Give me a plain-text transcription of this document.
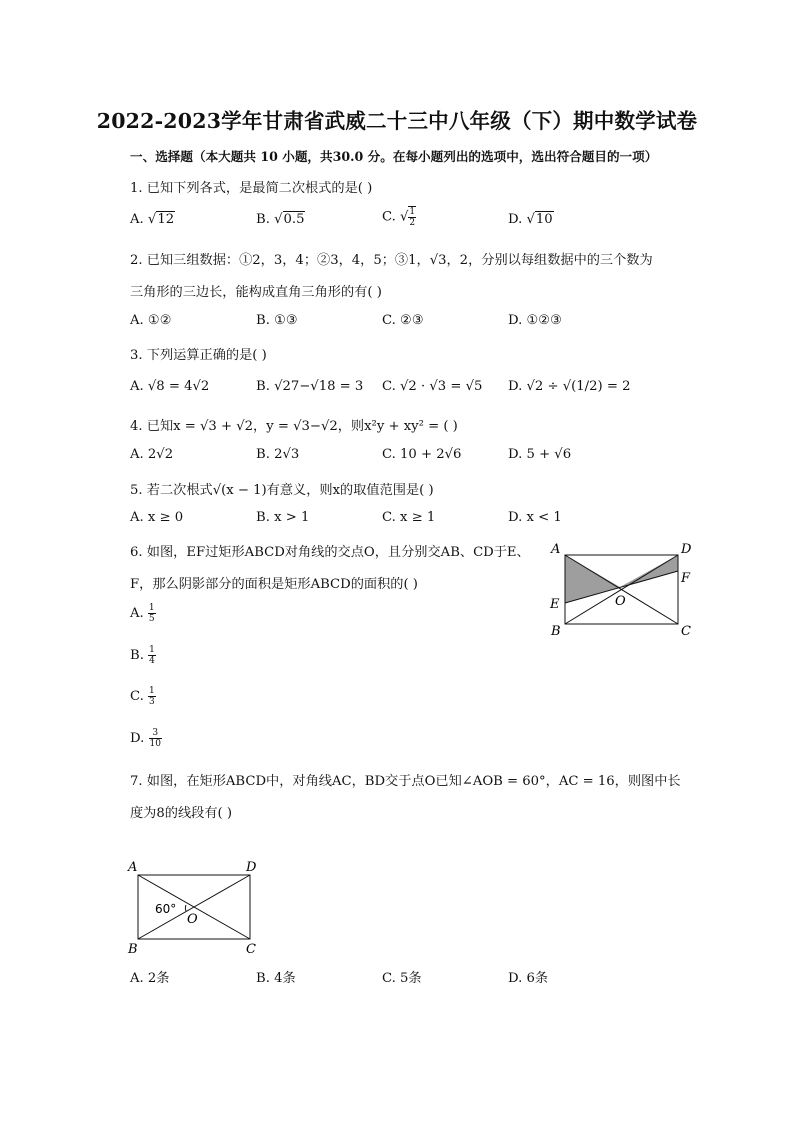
2022-2023学年甘肃省武威二十三中八年级（下）期中数学试卷
一、选择题（本大题共 10 小题，共30.0 分。在每小题列出的选项中，选出符合题目的一项）
1. 已知下列各式，是最简二次根式的是( )
A. √12	B. √0.5	C. √ $\frac{1}{2}$	D. √10
2. 已知三组数据：①2，3，4；②3，4，5；③1，√3，2，分别以每组数据中的三个数为
三角形的三边长，能构成直角三角形的有( )
A. ①②	B. ①③	C. ②③	D. ①②③
3. 下列运算正确的是( )
A. √8 = 4√2	B. √27−√18 = 3 C. √2 · √3 = √5 D. √2 ÷ √(1/2) = 2
4. 已知x = √3 + √2，y = √3−√2，则x²y + xy² = ( )
A. 2√2	B. 2√3	C. 10 + 2√6	D. 5 + √6
5. 若二次根式√(x − 1)有意义，则x的取值范围是( )
A. x ≥ 0	B. x > 1	C. x ≥ 1	D. x < 1
6. 如图，EF过矩形ABCD对角线的交点O，且分别交AB、CD于E、
F，那么阴影部分的面积是矩形ABCD的面积的( )
A	D
F
O
E
B	C
A. $\frac{1}{5}$
B. $\frac{1}{4}$
C. $\frac{1}{3}$
D. $\frac{3}{10}$
7. 如图，在矩形ABCD中，对角线AC，BD交于点O已知∠AOB = 60°，AC = 16，则图中长
度为8的线段有( )
60°
O
A	D
B	C
A. 2条	B. 4条	C. 5条	D. 6条
